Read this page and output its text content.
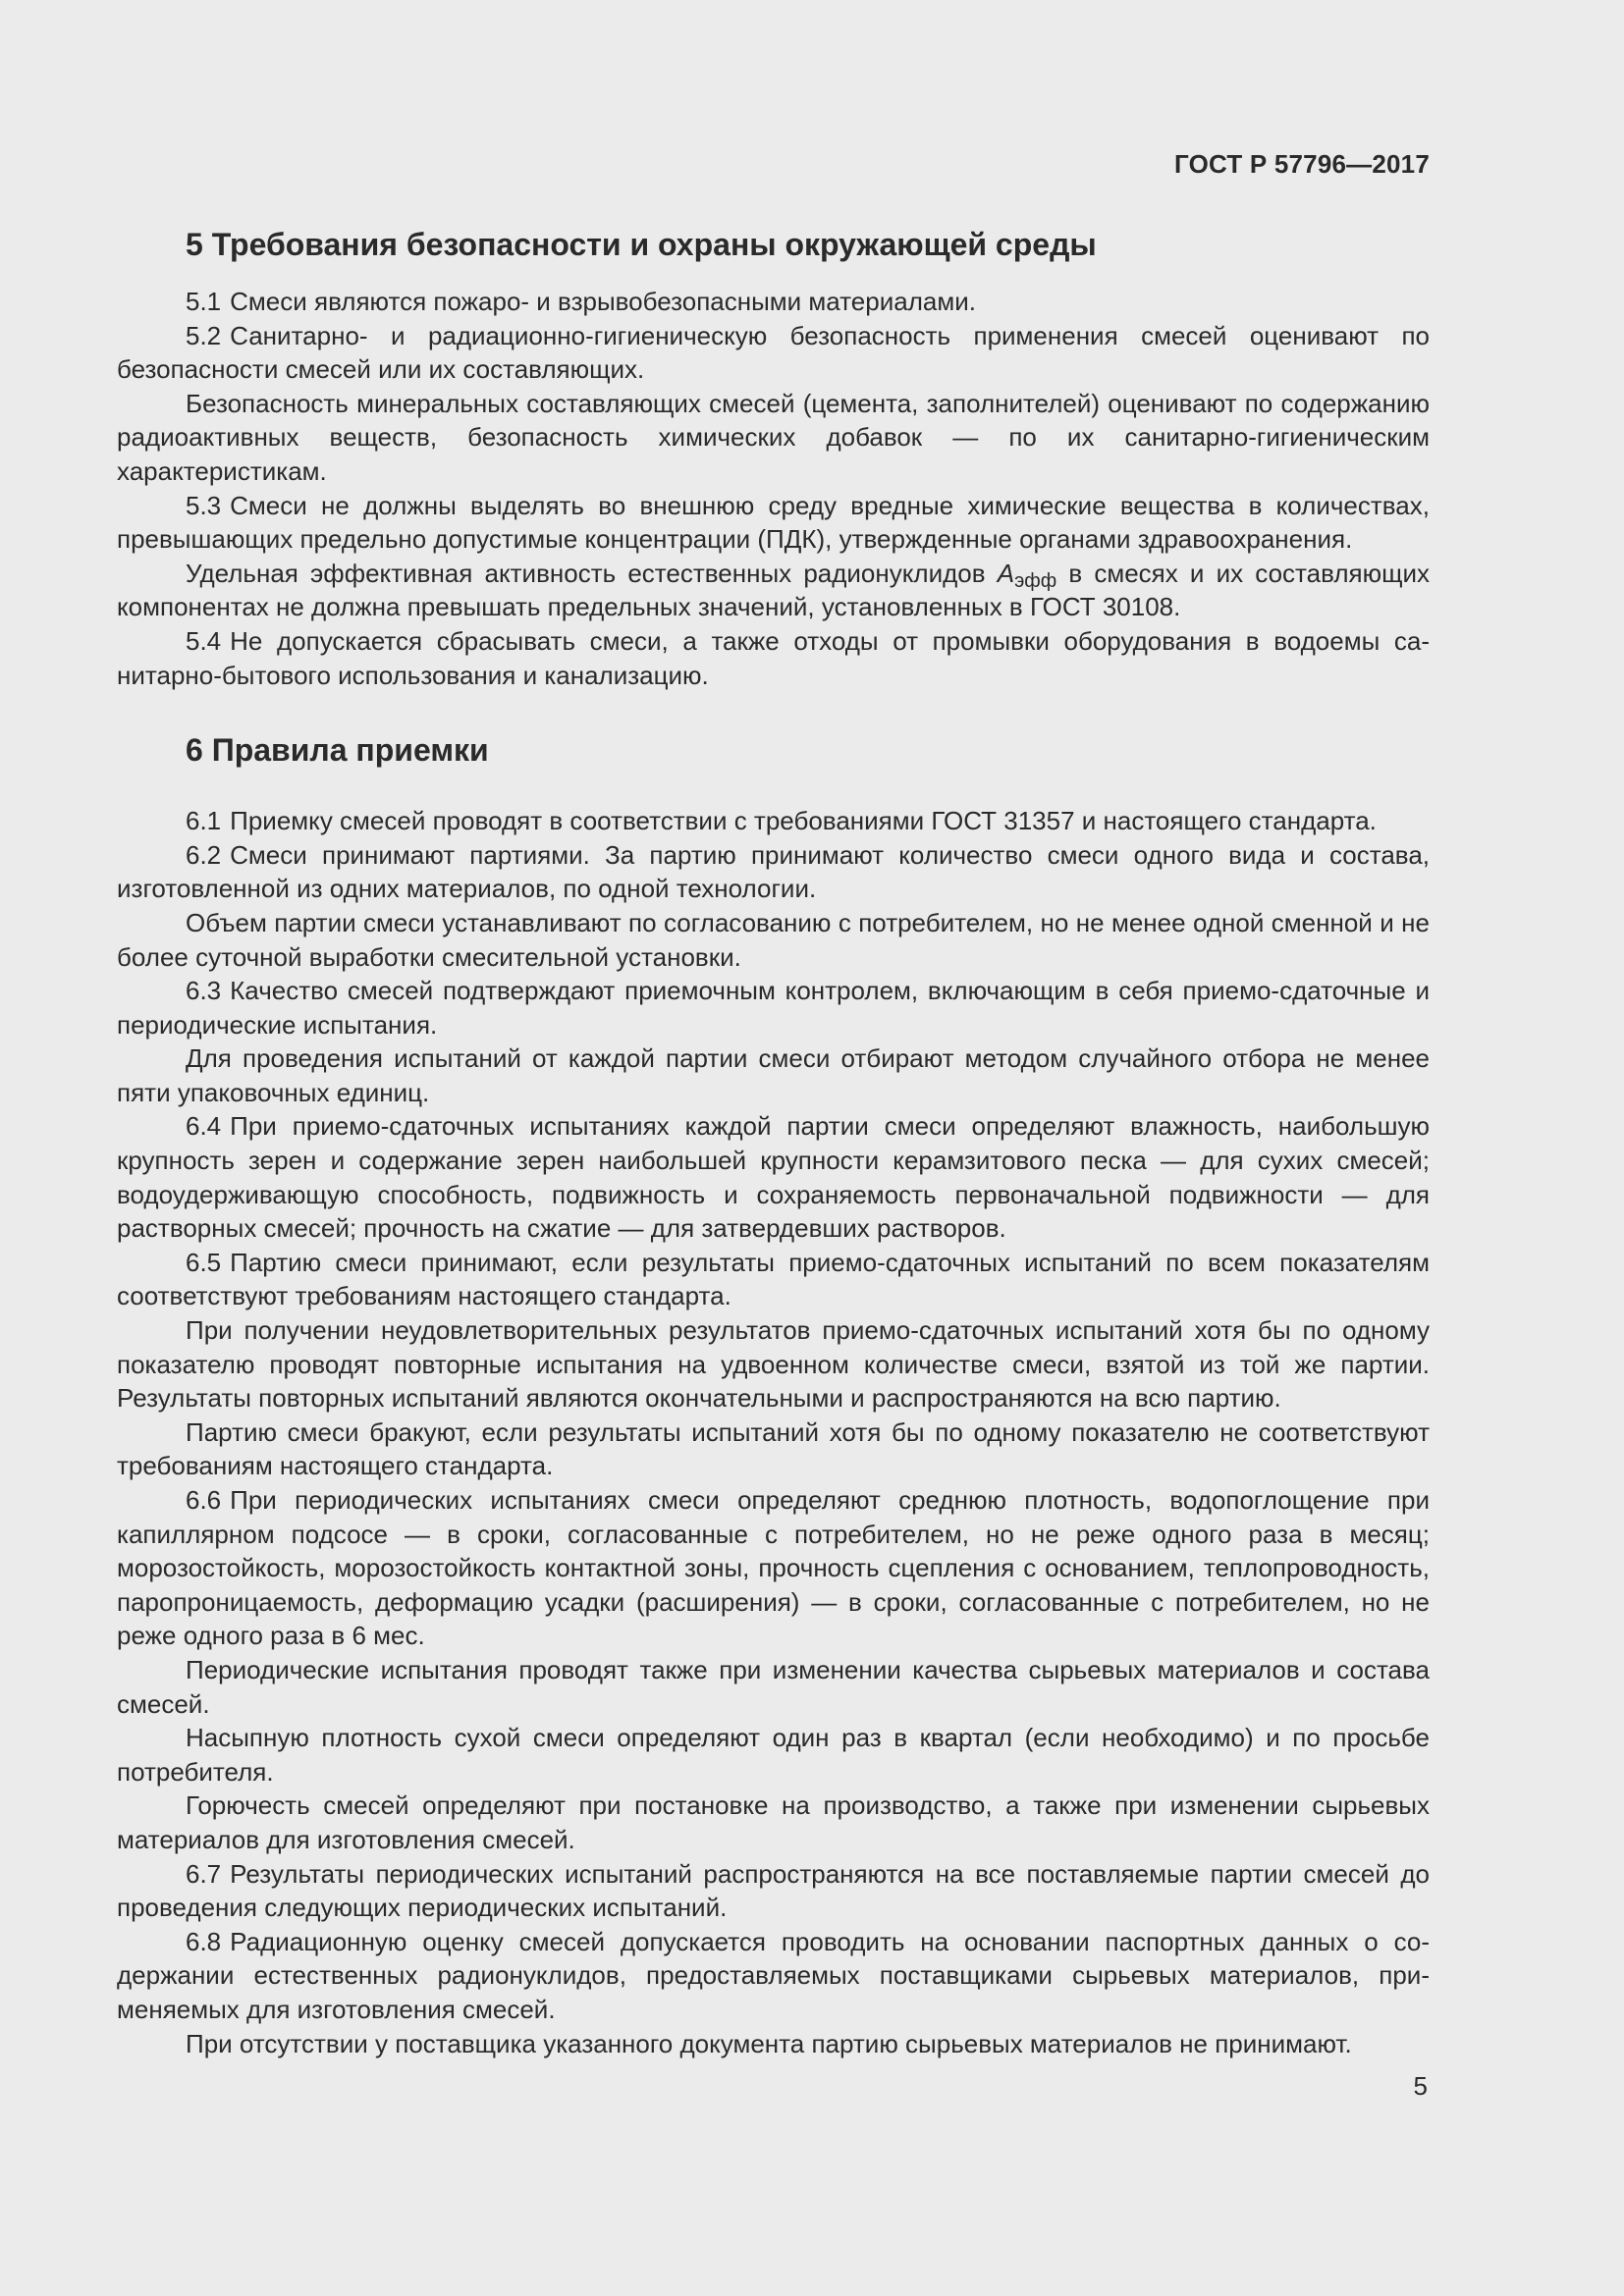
ГОСТ Р 57796—2017
5 Требования безопасности и охраны окружающей среды

5.1 Смеси являются пожаро- и взрывобезопасными материалами.

5.2 Санитарно- и радиационно-гигиеническую безопасность применения смесей оценивают по безопасности смесей или их составляющих.

Безопасность минеральных составляющих смесей (цемента, заполнителей) оценивают по содержанию радиоактивных веществ, безопасность химических добавок — по их санитарно-гигиеническим характеристикам.

5.3 Смеси не должны выделять во внешнюю среду вредные химические вещества в количествах, превышающих предельно допустимые концентрации (ПДК), утвержденные органами здравоохранения.

Удельная эффективная активность естественных радионуклидов $A_{эфф}$ в смесях и их составляющих компонентах не должна превышать предельных значений, установленных в ГОСТ 30108.

5.4 Не допускается сбрасывать смеси, а также отходы от промывки оборудования в водоемы санитарно-бытового использования и канализацию.

6 Правила приемки

6.1 Приемку смесей проводят в соответствии с требованиями ГОСТ 31357 и настоящего стандарта.

6.2 Смеси принимают партиями. За партию принимают количество смеси одного вида и состава, изготовленной из одних материалов, по одной технологии.

Объем партии смеси устанавливают по согласованию с потребителем, но не менее одной сменной и не более суточной выработки смесительной установки.

6.3 Качество смесей подтверждают приемочным контролем, включающим в себя приемо-сдаточные и периодические испытания.

Для проведения испытаний от каждой партии смеси отбирают методом случайного отбора не менее пяти упаковочных единиц.

6.4 При приемо-сдаточных испытаниях каждой партии смеси определяют влажность, наибольшую крупность зерен и содержание зерен наибольшей крупности керамзитового песка — для сухих смесей; водоудерживающую способность, подвижность и сохраняемость первоначальной подвижности — для растворных смесей; прочность на сжатие — для затвердевших растворов.

6.5 Партию смеси принимают, если результаты приемо-сдаточных испытаний по всем показателям соответствуют требованиям настоящего стандарта.

При получении неудовлетворительных результатов приемо-сдаточных испытаний хотя бы по одному показателю проводят повторные испытания на удвоенном количестве смеси, взятой из той же партии. Результаты повторных испытаний являются окончательными и распространяются на всю партию.

Партию смеси бракуют, если результаты испытаний хотя бы по одному показателю не соответствуют требованиям настоящего стандарта.

6.6 При периодических испытаниях смеси определяют среднюю плотность, водопоглощение при капиллярном подсосе — в сроки, согласованные с потребителем, но не реже одного раза в месяц; морозостойкость, морозостойкость контактной зоны, прочность сцепления с основанием, теплопроводность, паропроницаемость, деформацию усадки (расширения) — в сроки, согласованные с потребителем, но не реже одного раза в 6 мес.

Периодические испытания проводят также при изменении качества сырьевых материалов и состава смесей.

Насыпную плотность сухой смеси определяют один раз в квартал (если необходимо) и по просьбе потребителя.

Горючесть смесей определяют при постановке на производство, а также при изменении сырьевых материалов для изготовления смесей.

6.7 Результаты периодических испытаний распространяются на все поставляемые партии смесей до проведения следующих периодических испытаний.

6.8 Радиационную оценку смесей допускается проводить на основании паспортных данных о содержании естественных радионуклидов, предоставляемых поставщиками сырьевых материалов, применяемых для изготовления смесей.

При отсутствии у поставщика указанного документа партию сырьевых материалов не принимают.

5
